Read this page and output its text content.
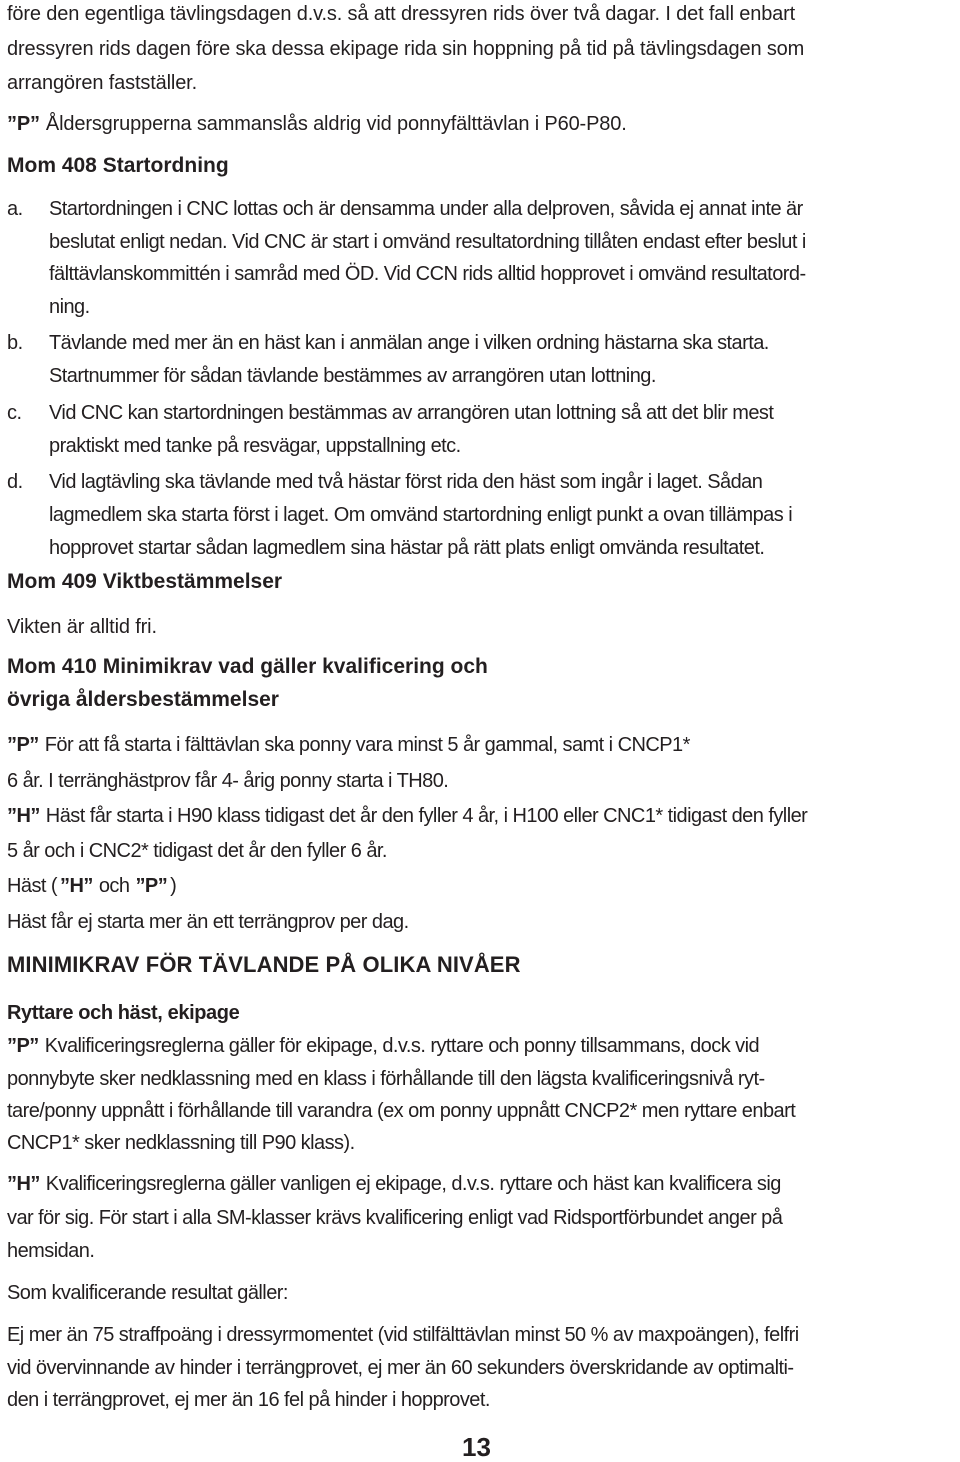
före den egentliga tävlingsdagen d.v.s. så att dressyren rids över två dagar. I det fall enbart
dressyren rids dagen före ska dessa ekipage rida sin hoppning på tid på tävlingsdagen som
arrangören fastställer.
”P” Åldersgrupperna sammanslås aldrig vid ponnyfälttävlan i P60-P80.
Mom 408 Startordning
a. Startordningen i CNC lottas och är densamma under alla delproven, såvida ej annat inte är
beslutat enligt nedan. Vid CNC är start i omvänd resultatordning tillåten endast efter beslut i
fälttävlanskommittén i samråd med ÖD. Vid CCN rids alltid hopprovet i omvänd resultatord-
ning.
b. Tävlande med mer än en häst kan i anmälan ange i vilken ordning hästarna ska starta.
Startnummer för sådan tävlande bestämmes av arrangören utan lottning.
c. Vid CNC kan startordningen bestämmas av arrangören utan lottning så att det blir mest
praktiskt med tanke på resvägar, uppstallning etc.
d. Vid lagtävling ska tävlande med två hästar först rida den häst som ingår i laget. Sådan
lagmedlem ska starta först i laget. Om omvänd startordning enligt punkt a ovan tillämpas i
hopprovet startar sådan lagmedlem sina hästar på rätt plats enligt omvända resultatet.
Mom 409 Viktbestämmelser
Vikten är alltid fri.
Mom 410 Minimikrav vad gäller kvalificering och
övriga åldersbestämmelser
”P” För att få starta i fälttävlan ska ponny vara minst 5 år gammal, samt i CNCP1*
6 år. I terränghästprov får 4- årig ponny starta i TH80.
”H” Häst får starta i H90 klass tidigast det år den fyller 4 år, i H100 eller CNC1* tidigast den fyller
5 år och i CNC2* tidigast det år den fyller 6 år.
Häst ( ”H” och ”P” )
Häst får ej starta mer än ett terrängprov per dag.
MINIMIKRAV FÖR TÄVLANDE PÅ OLIKA NIVÅER
Ryttare och häst, ekipage
”P” Kvalificeringsreglerna gäller för ekipage, d.v.s. ryttare och ponny tillsammans, dock vid
ponnybyte sker nedklassning med en klass i förhållande till den lägsta kvalificeringsnivå ryt-
tare/ponny uppnått i förhållande till varandra (ex om ponny uppnått CNCP2* men ryttare enbart
CNCP1* sker nedklassning till P90 klass).
”H” Kvalificeringsreglerna gäller vanligen ej ekipage, d.v.s. ryttare och häst kan kvalificera sig
var för sig. För start i alla SM-klasser krävs kvalificering enligt vad Ridsportförbundet anger på
hemsidan.
Som kvalificerande resultat gäller:
Ej mer än 75 straffpoäng i dressyrmomentet (vid stilfälttävlan minst 50 % av maxpoängen), felfri
vid övervinnande av hinder i terrängprovet, ej mer än 60 sekunders överskridande av optimalti-
den i terrängprovet, ej mer än 16 fel på hinder i hopprovet.
13
